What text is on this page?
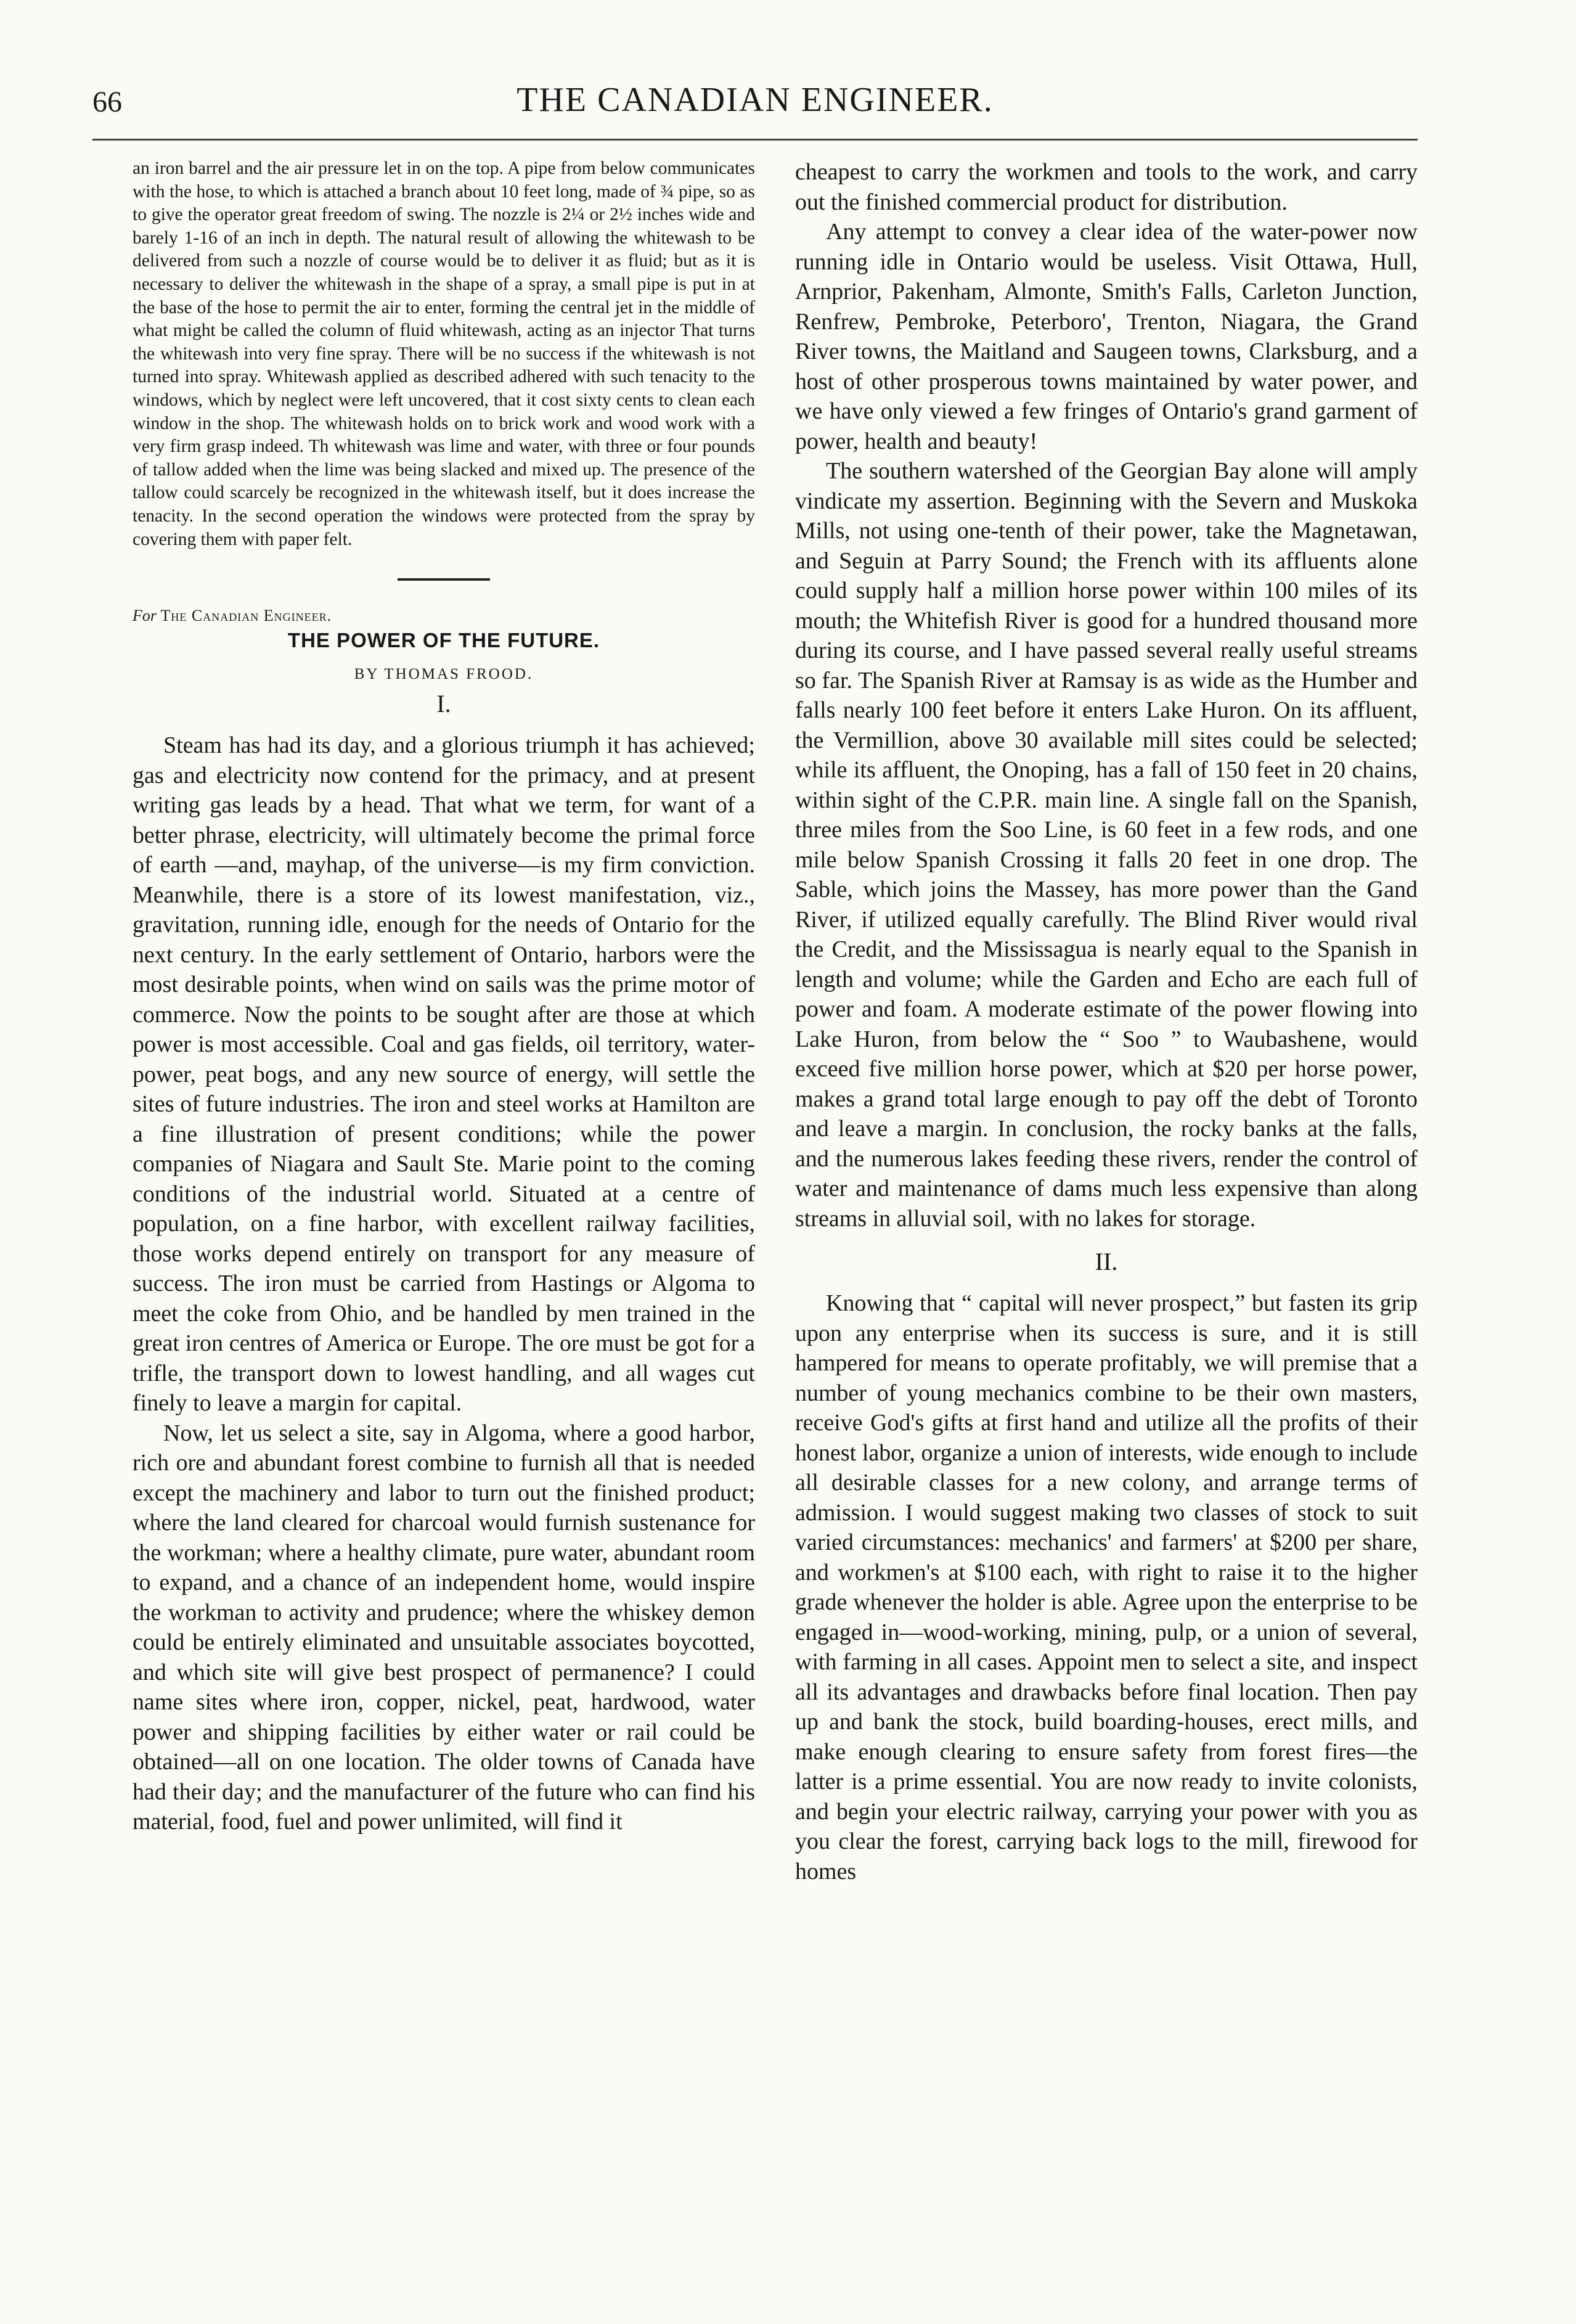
66	THE CANADIAN ENGINEER.

an iron barrel and the air pressure let in on the top. A pipe from below communicates with the hose, to which is attached a branch about 10 feet long, made of ¾ pipe, so as to give the operator great freedom of swing. The nozzle is 2¼ or 2½ inches wide and barely 1-16 of an inch in depth. The natural result of allowing the whitewash to be delivered from such a nozzle of course would be to deliver it as fluid; but as it is necessary to deliver the whitewash in the shape of a spray, a small pipe is put in at the base of the hose to permit the air to enter, forming the central jet in the middle of what might be called the column of fluid whitewash, acting as an injector That turns the whitewash into very fine spray. There will be no success if the whitewash is not turned into spray. Whitewash applied as described adhered with such tenacity to the windows, which by neglect were left uncovered, that it cost sixty cents to clean each window in the shop. The whitewash holds on to brick work and wood work with a very firm grasp indeed. Th whitewash was lime and water, with three or four pounds of tallow added when the lime was being slacked and mixed up. The presence of the tallow could scarcely be recognized in the whitewash itself, but it does increase the tenacity. In the second operation the windows were protected from the spray by covering them with paper felt.

For The Canadian Engineer.

THE POWER OF THE FUTURE.
BY THOMAS FROOD.
I.

Steam has had its day, and a glorious triumph it has achieved; gas and electricity now contend for the primacy, and at present writing gas leads by a head. That what we term, for want of a better phrase, electricity, will ultimately become the primal force of earth —and, mayhap, of the universe—is my firm conviction. Meanwhile, there is a store of its lowest manifestation, viz., gravitation, running idle, enough for the needs of Ontario for the next century. In the early settlement of Ontario, harbors were the most desirable points, when wind on sails was the prime motor of commerce. Now the points to be sought after are those at which power is most accessible. Coal and gas fields, oil territory, water-power, peat bogs, and any new source of energy, will settle the sites of future industries. The iron and steel works at Hamilton are a fine illustration of present conditions; while the power companies of Niagara and Sault Ste. Marie point to the coming conditions of the industrial world. Situated at a centre of population, on a fine harbor, with excellent railway facilities, those works depend entirely on transport for any measure of success. The iron must be carried from Hastings or Algoma to meet the coke from Ohio, and be handled by men trained in the great iron centres of America or Europe. The ore must be got for a trifle, the transport down to lowest handling, and all wages cut finely to leave a margin for capital.

Now, let us select a site, say in Algoma, where a good harbor, rich ore and abundant forest combine to furnish all that is needed except the machinery and labor to turn out the finished product; where the land cleared for charcoal would furnish sustenance for the workman; where a healthy climate, pure water, abundant room to expand, and a chance of an independent home, would inspire the workman to activity and prudence; where the whiskey demon could be entirely eliminated and unsuitable associates boycotted, and which site will give best prospect of permanence? I could name sites where iron, copper, nickel, peat, hardwood, water power and shipping facilities by either water or rail could be obtained—all on one location. The older towns of Canada have had their day; and the manufacturer of the future who can find his material, food, fuel and power unlimited, will find it

cheapest to carry the workmen and tools to the work, and carry out the finished commercial product for distribution.

Any attempt to convey a clear idea of the water-power now running idle in Ontario would be useless. Visit Ottawa, Hull, Arnprior, Pakenham, Almonte, Smith's Falls, Carleton Junction, Renfrew, Pembroke, Peterboro', Trenton, Niagara, the Grand River towns, the Maitland and Saugeen towns, Clarksburg, and a host of other prosperous towns maintained by water power, and we have only viewed a few fringes of Ontario's grand garment of power, health and beauty!

The southern watershed of the Georgian Bay alone will amply vindicate my assertion. Beginning with the Severn and Muskoka Mills, not using one-tenth of their power, take the Magnetawan, and Seguin at Parry Sound; the French with its affluents alone could supply half a million horse power within 100 miles of its mouth; the Whitefish River is good for a hundred thousand more during its course, and I have passed several really useful streams so far. The Spanish River at Ramsay is as wide as the Humber and falls nearly 100 feet before it enters Lake Huron. On its affluent, the Vermillion, above 30 available mill sites could be selected; while its affluent, the Onoping, has a fall of 150 feet in 20 chains, within sight of the C.P.R. main line. A single fall on the Spanish, three miles from the Soo Line, is 60 feet in a few rods, and one mile below Spanish Crossing it falls 20 feet in one drop. The Sable, which joins the Massey, has more power than the Gand River, if utilized equally carefully. The Blind River would rival the Credit, and the Mississagua is nearly equal to the Spanish in length and volume; while the Garden and Echo are each full of power and foam. A moderate estimate of the power flowing into Lake Huron, from below the “ Soo ” to Waubashene, would exceed five million horse power, which at $20 per horse power, makes a grand total large enough to pay off the debt of Toronto and leave a margin. In conclusion, the rocky banks at the falls, and the numerous lakes feeding these rivers, render the control of water and maintenance of dams much less expensive than along streams in alluvial soil, with no lakes for storage.

II.

Knowing that “ capital will never prospect,” but fasten its grip upon any enterprise when its success is sure, and it is still hampered for means to operate profitably, we will premise that a number of young mechanics combine to be their own masters, receive God's gifts at first hand and utilize all the profits of their honest labor, organize a union of interests, wide enough to include all desirable classes for a new colony, and arrange terms of admission. I would suggest making two classes of stock to suit varied circumstances: mechanics' and farmers' at $200 per share, and workmen's at $100 each, with right to raise it to the higher grade whenever the holder is able. Agree upon the enterprise to be engaged in—wood-working, mining, pulp, or a union of several, with farming in all cases. Appoint men to select a site, and inspect all its advantages and drawbacks before final location. Then pay up and bank the stock, build boarding-houses, erect mills, and make enough clearing to ensure safety from forest fires—the latter is a prime essential. You are now ready to invite colonists, and begin your electric railway, carrying your power with you as you clear the forest, carrying back logs to the mill, firewood for homes
